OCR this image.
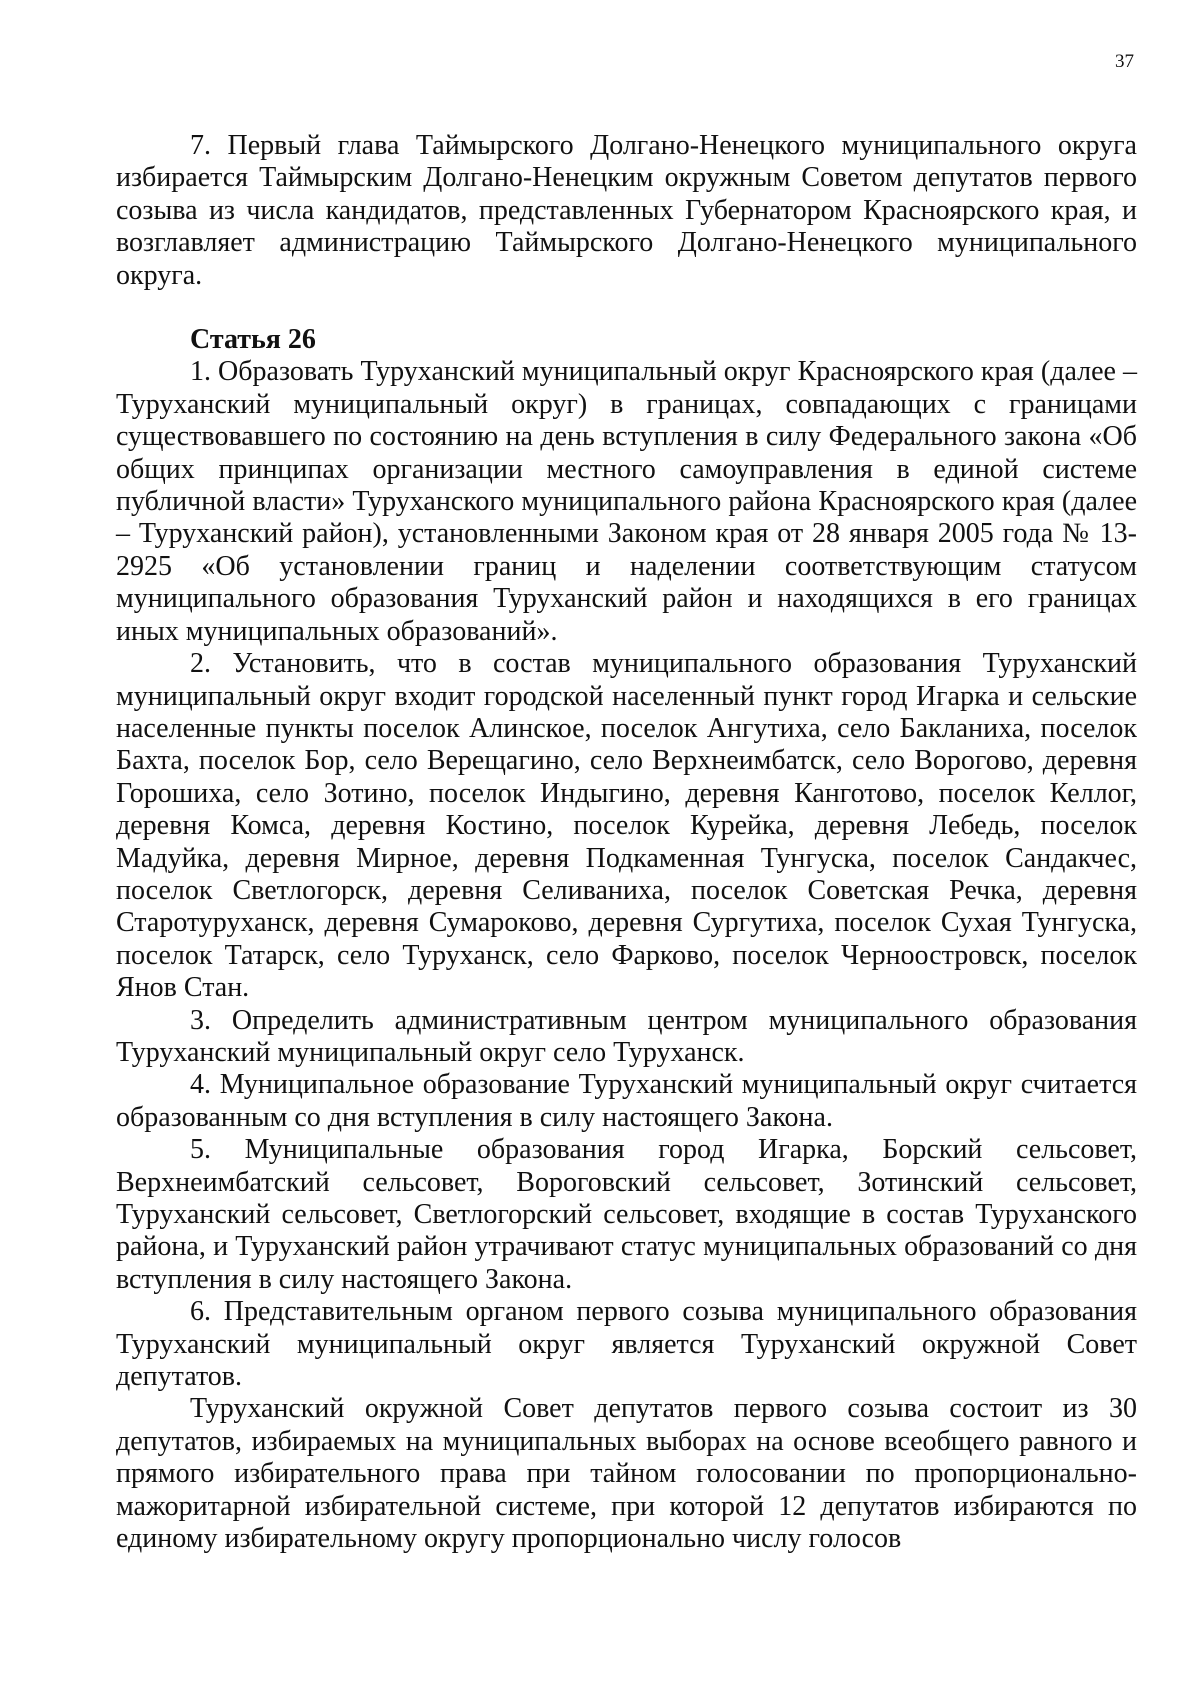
37

7. Первый глава Таймырского Долгано-Ненецкого муниципального округа избирается Таймырским Долгано-Ненецким окружным Советом депутатов первого созыва из числа кандидатов, представленных Губернатором Красноярского края, и возглавляет администрацию Таймырского Долгано-Ненецкого муниципального округа.

Статья 26

1. Образовать Туруханский муниципальный округ Красноярского края (далее – Туруханский муниципальный округ) в границах, совпадающих с границами существовавшего по состоянию на день вступления в силу Федерального закона «Об общих принципах организации местного самоуправления в единой системе публичной власти» Туруханского муниципального района Красноярского края (далее – Туруханский район), установленными Законом края от 28 января 2005 года № 13-2925 «Об установлении границ и наделении соответствующим статусом муниципального образования Туруханский район и находящихся в его границах иных муниципальных образований».

2. Установить, что в состав муниципального образования Туруханский муниципальный округ входит городской населенный пункт город Игарка и сельские населенные пункты поселок Алинское, поселок Ангутиха, село Бакланиха, поселок Бахта, поселок Бор, село Верещагино, село Верхнеимбатск, село Ворогово, деревня Горошиха, село Зотино, поселок Индыгино, деревня Канготово, поселок Келлог, деревня Комса, деревня Костино, поселок Курейка, деревня Лебедь, поселок Мадуйка, деревня Мирное, деревня Подкаменная Тунгуска, поселок Сандакчес, поселок Светлогорск, деревня Селиваниха, поселок Советская Речка, деревня Старотуруханск, деревня Сумароково, деревня Сургутиха, поселок Сухая Тунгуска, поселок Татарск, село Туруханск, село Фарково, поселок Черноостровск, поселок Янов Стан.

3. Определить административным центром муниципального образования Туруханский муниципальный округ село Туруханск.

4. Муниципальное образование Туруханский муниципальный округ считается образованным со дня вступления в силу настоящего Закона.

5. Муниципальные образования город Игарка, Борский сельсовет, Верхнеимбатский сельсовет, Вороговский сельсовет, Зотинский сельсовет, Туруханский сельсовет, Светлогорский сельсовет, входящие в состав Туруханского района, и Туруханский район утрачивают статус муниципальных образований со дня вступления в силу настоящего Закона.

6. Представительным органом первого созыва муниципального образования Туруханский муниципальный округ является Туруханский окружной Совет депутатов.

Туруханский окружной Совет депутатов первого созыва состоит из 30 депутатов, избираемых на муниципальных выборах на основе всеобщего равного и прямого избирательного права при тайном голосовании по пропорционально-мажоритарной избирательной системе, при которой 12 депутатов избираются по единому избирательному округу пропорционально числу голосов
